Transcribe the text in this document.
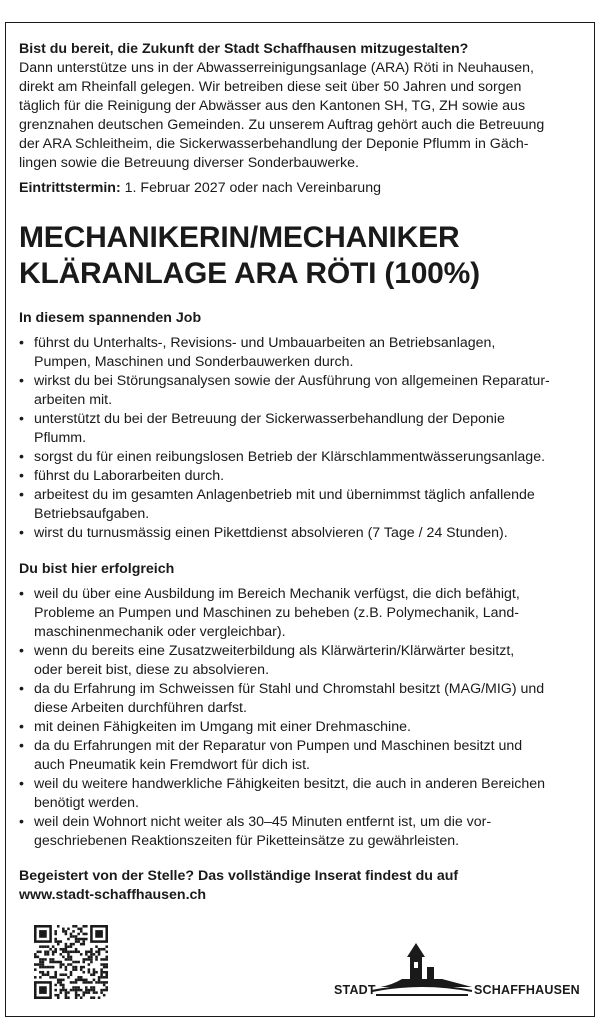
Bist du bereit, die Zukunft der Stadt Schaffhausen mitzugestalten?
Dann unterstütze uns in der Abwasserreinigungsanlage (ARA) Röti in Neuhausen,
direkt am Rheinfall gelegen. Wir betreiben diese seit über 50 Jahren und sorgen
täglich für die Reinigung der Abwässer aus den Kantonen SH, TG, ZH sowie aus
grenznahen deutschen Gemeinden. Zu unserem Auftrag gehört auch die Betreuung
der ARA Schleitheim, die Sickerwasserbehandlung der Deponie Pflumm in Gäch-
lingen sowie die Betreuung diverser Sonderbauwerke.
Eintrittstermin: 1. Februar 2027 oder nach Vereinbarung
MECHANIKERIN/MECHANIKER
KLÄRANLAGE ARA RÖTI (100%)
In diesem spannenden Job
• führst du Unterhalts-, Revisions- und Umbauarbeiten an Betriebsanlagen,
Pumpen, Maschinen und Sonderbauwerken durch.
• wirkst du bei Störungsanalysen sowie der Ausführung von allgemeinen Reparatur-
arbeiten mit.
• unterstützt du bei der Betreuung der Sickerwasserbehandlung der Deponie
Pflumm.
• sorgst du für einen reibungslosen Betrieb der Klärschlammentwässerungsanlage.
• führst du Laborarbeiten durch.
• arbeitest du im gesamten Anlagenbetrieb mit und übernimmst täglich anfallende
Betriebsaufgaben.
• wirst du turnusmässig einen Pikettdienst absolvieren (7 Tage / 24 Stunden).
Du bist hier erfolgreich
• weil du über eine Ausbildung im Bereich Mechanik verfügst, die dich befähigt,
Probleme an Pumpen und Maschinen zu beheben (z.B. Polymechanik, Land-
maschinenmechanik oder vergleichbar).
• wenn du bereits eine Zusatzweiterbildung als Klärwärterin/Klärwärter besitzt,
oder bereit bist, diese zu absolvieren.
• da du Erfahrung im Schweissen für Stahl und Chromstahl besitzt (MAG/MIG) und
diese Arbeiten durchführen darfst.
• mit deinen Fähigkeiten im Umgang mit einer Drehmaschine.
• da du Erfahrungen mit der Reparatur von Pumpen und Maschinen besitzt und
auch Pneumatik kein Fremdwort für dich ist.
• weil du weitere handwerkliche Fähigkeiten besitzt, die auch in anderen Bereichen
benötigt werden.
• weil dein Wohnort nicht weiter als 30–45 Minuten entfernt ist, um die vor-
geschriebenen Reaktionszeiten für Piketteinsätze zu gewährleisten.
Begeistert von der Stelle? Das vollständige Inserat findest du auf
www.stadt-schaffhausen.ch
STADT	SCHAFFHAUSEN
